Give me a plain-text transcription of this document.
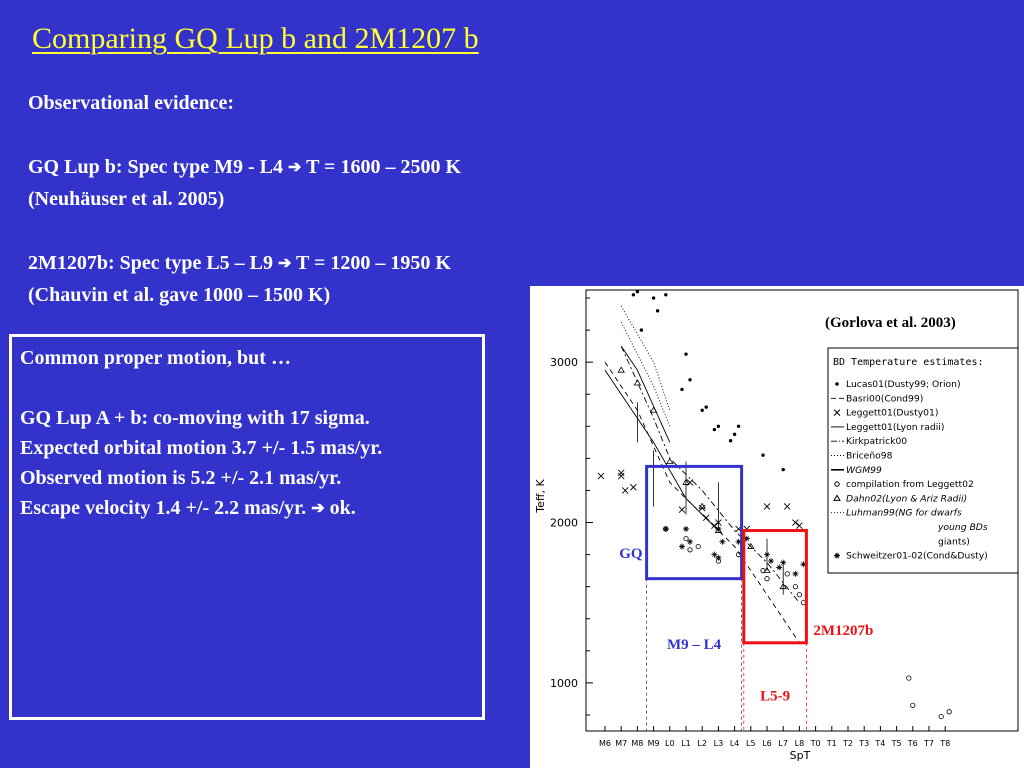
Comparing GQ Lup b and 2M1207 b
Observational evidence:
GQ Lup b: Spec type M9 - L4 ➔ T = 1600 – 2500 K
(Neuhäuser et al. 2005)
2M1207b: Spec type L5 – L9 ➔ T = 1200 – 1950 K
(Chauvin et al. gave 1000 – 1500 K)
Common proper motion, but …
GQ Lup A + b: co-moving with 17 sigma.
Expected orbital motion 3.7 +/- 1.5 mas/yr.
Observed motion is 5.2 +/- 2.1 mas/yr.
Escape velocity 1.4 +/- 2.2 mas/yr. ➔ ok.
1000
2000
3000
M6 M7 M8 M9 L0 L1 L2 L3 L4 L5 L6 L7 L8 T0 T1 T2 T3 T4 T5 T6 T7 T8
SpT
Teff, K
GQ
M9 – L4
2M1207b
L5-9
(Gorlova et al. 2003)
BD Temperature estimates:
Lucas01(Dusty99; Orion)
Basri00(Cond99)
Leggett01(Dusty01)
Leggett01(Lyon radii)
Kirkpatrick00
Briceño98
WGM99
compilation from Leggett02
Dahn02(Lyon & Ariz Radii)
Luhman99(NG for dwarfs
young BDs
giants)
Schweitzer01-02(Cond&Dusty)
